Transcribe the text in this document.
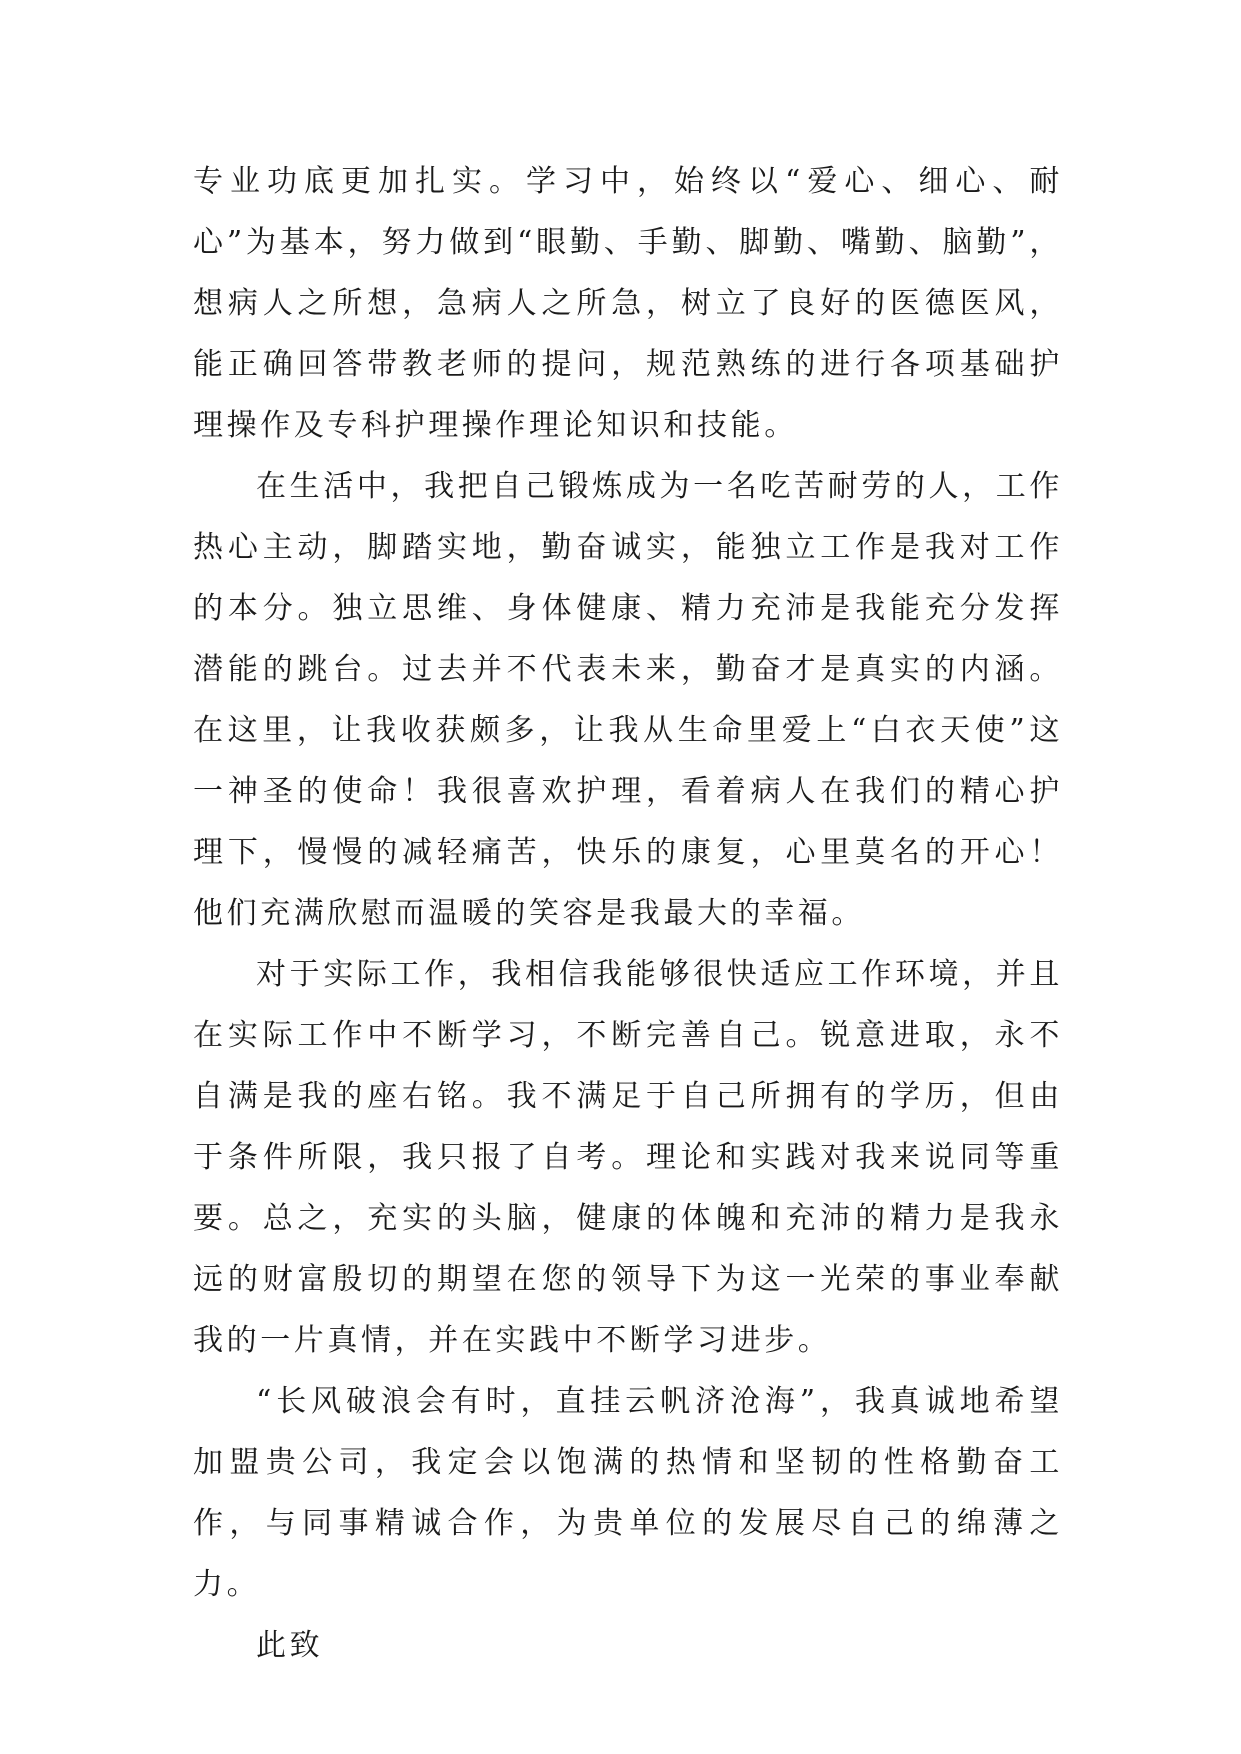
专业功底更加扎实。学习中，始终以“爱心、细心、耐心”为基本，努力做到“眼勤、手勤、脚勤、嘴勤、脑勤”，想病人之所想，急病人之所急，树立了良好的医德医风，能正确回答带教老师的提问，规范熟练的进行各项基础护理操作及专科护理操作理论知识和技能。

在生活中，我把自己锻炼成为一名吃苦耐劳的人，工作热心主动，脚踏实地，勤奋诚实，能独立工作是我对工作的本分。独立思维、身体健康、精力充沛是我能充分发挥潜能的跳台。过去并不代表未来，勤奋才是真实的内涵。在这里，让我收获颇多，让我从生命里爱上“白衣天使”这一神圣的使命！我很喜欢护理，看着病人在我们的精心护理下，慢慢的减轻痛苦，快乐的康复，心里莫名的开心！他们充满欣慰而温暖的笑容是我最大的幸福。

对于实际工作，我相信我能够很快适应工作环境，并且在实际工作中不断学习，不断完善自己。锐意进取，永不自满是我的座右铭。我不满足于自己所拥有的学历，但由于条件所限，我只报了自考。理论和实践对我来说同等重要。总之，充实的头脑，健康的体魄和充沛的精力是我永远的财富殷切的期望在您的领导下为这一光荣的事业奉献我的一片真情，并在实践中不断学习进步。

“长风破浪会有时，直挂云帆济沧海”，我真诚地希望加盟贵公司，我定会以饱满的热情和坚韧的性格勤奋工作，与同事精诚合作，为贵单位的发展尽自己的绵薄之力。

此致
